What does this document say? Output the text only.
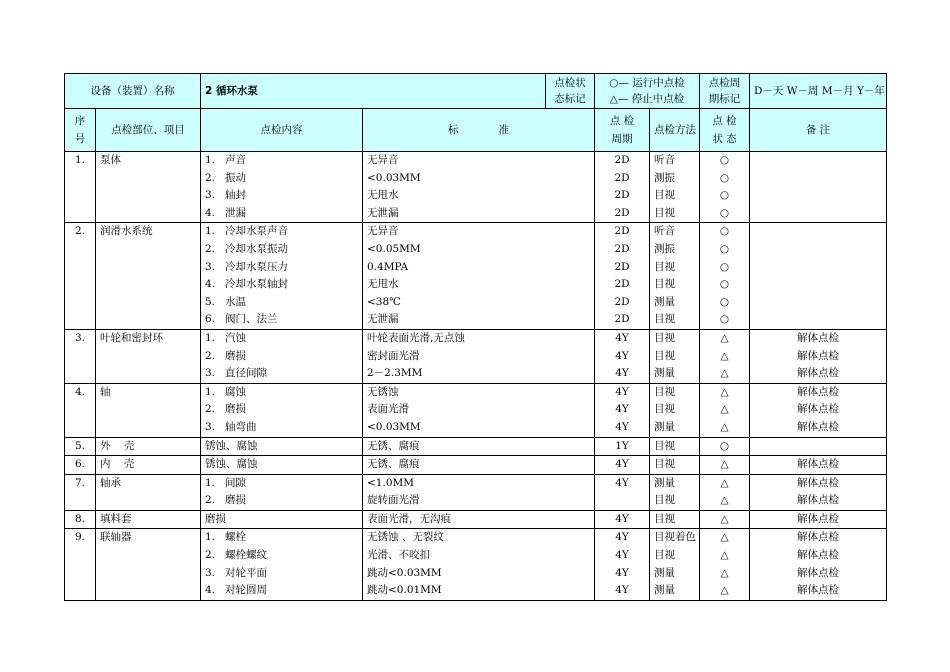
设备（装置）名称		2 循环水泵		点检状
态标记	○— 运行中点检
△— 停止中点检		点检周
期标记	D－天 W－周 M－月 Y－年

序
号	点检部位、项目	点检内容	标            准		点 检
周期	点检方法	点 检
状 态	备 注
1.	泵体	1.   声音	无异音		2D	听音	○	
		2.   振动	<0.03MM		2D	测振	○	
		3.   轴封	无甩水		2D	目视	○	
		4.   泄漏	无泄漏		2D	目视	○	
2.	润滑水系统	1.   冷却水泵声音	无异音		2D	听音	○	
		2.   冷却水泵振动	<0.05MM		2D	测振	○	
		3.   冷却水泵压力	0.4MPA		2D	目视	○	
		4.   冷却水泵轴封	无甩水		2D	目视	○	
		5.   水温	<38℃		2D	测量	○	
		6.   阀门、法兰	无泄漏		2D	目视	○	
3.	叶轮和密封环	1.   汽蚀	叶轮表面光滑,无点蚀		4Y	目视	△	解体点检
		2.   磨损	密封面光滑		4Y	目视	△	解体点检
		3.   直径间隙	2－2.3MM		4Y	测量	△	解体点检
4.	轴	1.   腐蚀	无锈蚀		4Y	目视	△	解体点检
		2.   磨损	表面光滑		4Y	目视	△	解体点检
		3.   轴弯曲	<0.03MM		4Y	测量	△	解体点检
5.	外    壳	锈蚀、腐蚀	无锈、腐痕		1Y	目视	○	
6.	内    壳	锈蚀、腐蚀	无锈、腐痕		4Y	目视	△	解体点检
7.	轴承	1.   间隙	<1.0MM		4Y	测量	△	解体点检
		2.   磨损	旋转面光滑			目视	△	解体点检
8.	填料套	磨损	表面光滑，无沟痕		4Y	目视	△	解体点检
9.	联轴器	1.   螺栓	无锈蚀 、无裂纹		4Y	目视着色	△	解体点检
		2.   螺栓螺纹	光滑、不咬扣		4Y	目视	△	解体点检
		3.   对轮平面	跳动<0.03MM		4Y	测量	△	解体点检
		4.   对轮圆周	跳动<0.01MM		4Y	测量	△	解体点检
